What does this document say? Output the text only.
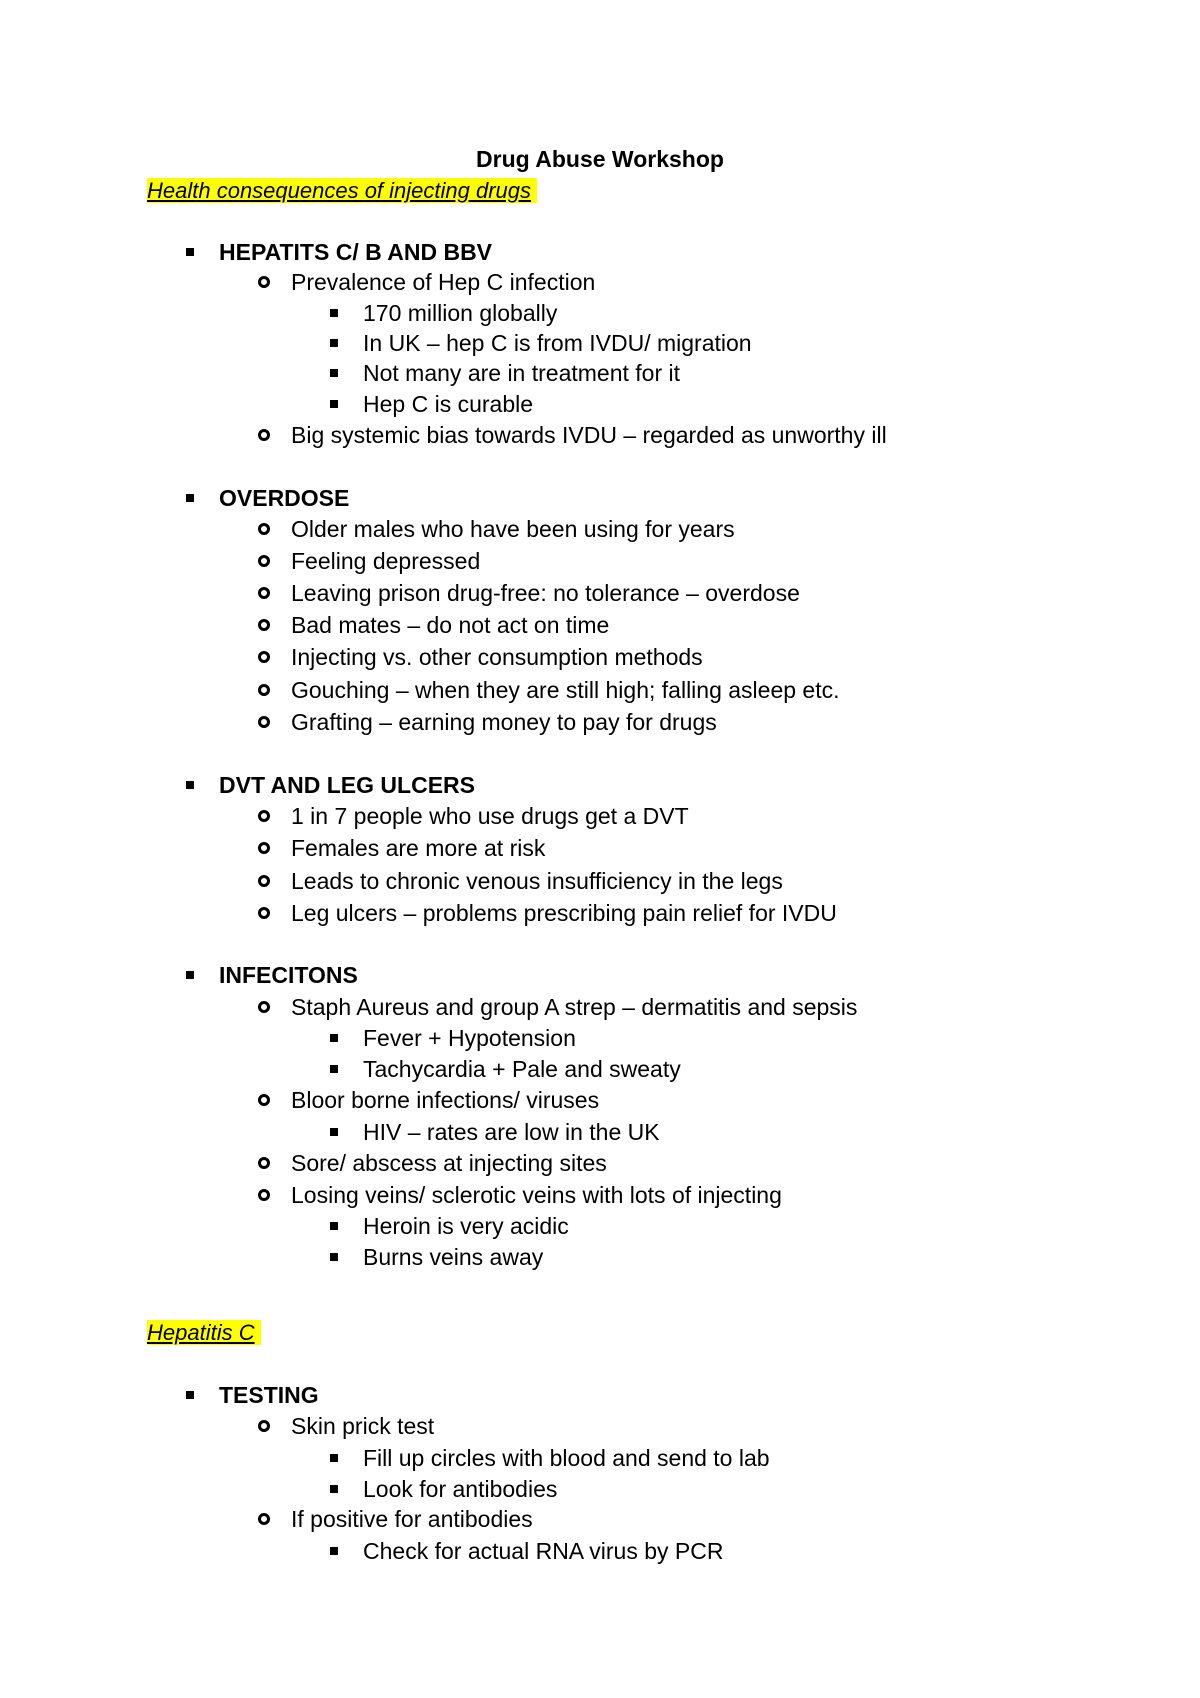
Drug Abuse Workshop
Health consequences of injecting drugs
HEPATITS C/ B AND BBV
Prevalence of Hep C infection
170 million globally
In UK – hep C is from IVDU/ migration
Not many are in treatment for it
Hep C is curable
Big systemic bias towards IVDU – regarded as unworthy ill
OVERDOSE
Older males who have been using for years
Feeling depressed
Leaving prison drug-free: no tolerance – overdose
Bad mates – do not act on time
Injecting vs. other consumption methods
Gouching – when they are still high; falling asleep etc.
Grafting – earning money to pay for drugs
DVT AND LEG ULCERS
1 in 7 people who use drugs get a DVT
Females are more at risk
Leads to chronic venous insufficiency in the legs
Leg ulcers – problems prescribing pain relief for IVDU
INFECITONS
Staph Aureus and group A strep – dermatitis and sepsis
Fever + Hypotension
Tachycardia + Pale and sweaty
Bloor borne infections/ viruses
HIV – rates are low in the UK
Sore/ abscess at injecting sites
Losing veins/ sclerotic veins with lots of injecting
Heroin is very acidic
Burns veins away
Hepatitis C
TESTING
Skin prick test
Fill up circles with blood and send to lab
Look for antibodies
If positive for antibodies
Check for actual RNA virus by PCR
